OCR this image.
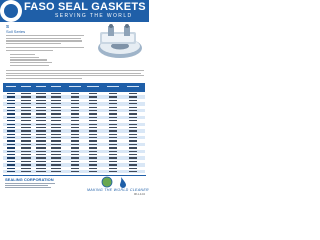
FASO SEAL GASKETS
SERVING THE WORLD
S
Soll Series
SEALING CORPORATION
MAKING THE WORLD CLEANER
98-1-0-04
